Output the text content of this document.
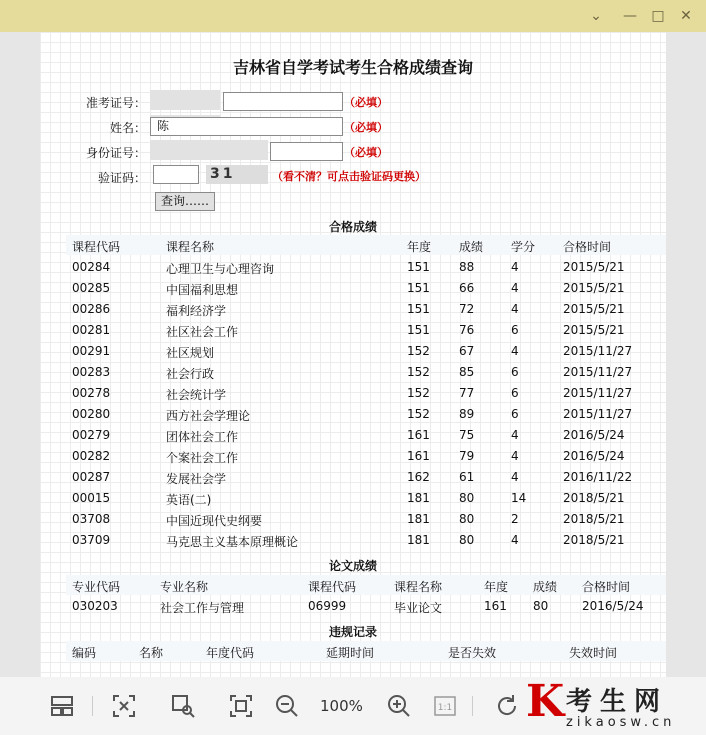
⌄ — □ ✕
吉林省自学考试考生合格成绩查询
准考证号：	（必填）
姓名： 陈	（必填）
身份证号：	（必填）
验证码：	31	（看不清？可点击验证码更换）
查询……
合格成绩
课程代码	课程名称	年度 成绩 学分 合格时间
00284	心理卫生与心理咨询	151 88	4	2015/5/21
00285	中国福利思想	151 66	4	2015/5/21
00286	福利经济学	151 72	4	2015/5/21
00281	社区社会工作	151 76	6	2015/5/21
00291	社区规划	152 67	4	2015/11/27
00283	社会行政	152 85	6	2015/11/27
00278	社会统计学	152 77	6	2015/11/27
00280	西方社会学理论	152 89	6	2015/11/27
00279	团体社会工作	161 75	4	2016/5/24
00282	个案社会工作	161 79	4	2016/5/24
00287	发展社会学	162 61	4	2016/11/22
00015	英语(二)	181 80	14	2018/5/21
03708	中国近现代史纲要	181 80	2	2018/5/21
03709	马克思主义基本原理概论	181 80	4	2018/5/21
论文成绩
专业代码	专业名称	课程代码	课程名称	年度 成绩 合格时间
030203	社会工作与管理	06999	毕业论文	161 80	2016/5/24
违规记录
编码	名称	年度代码	延期时间	是否失效	失效时间
100%	1:1 K 考生网
zikaosw.cn
